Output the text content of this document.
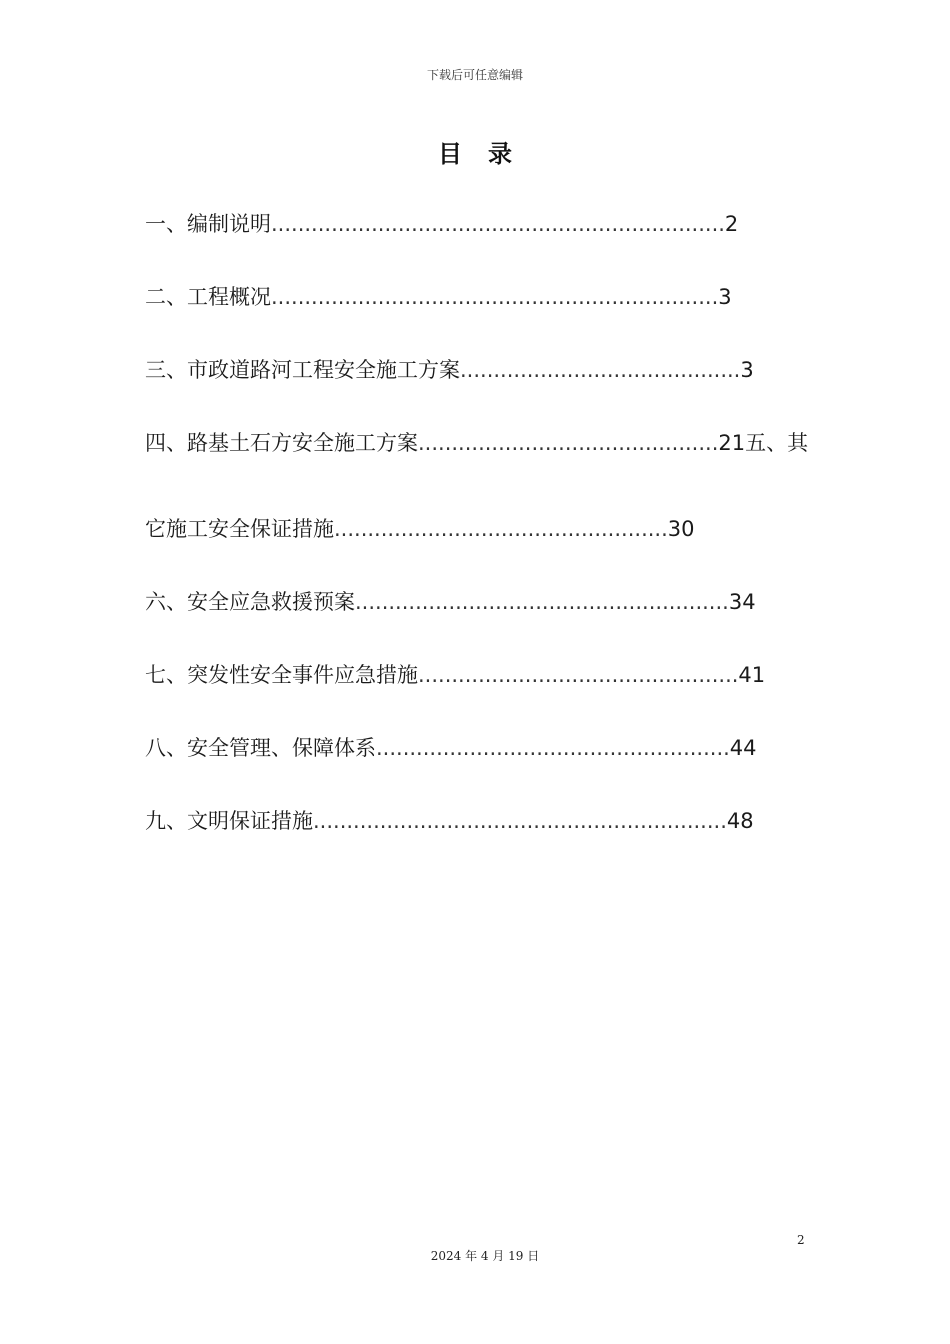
下载后可任意编辑
目录
一、编制说明....................................................................2
二、工程概况...................................................................3
三、市政道路河工程安全施工方案..........................................3
四、路基土石方安全施工方案.............................................21五、其
它施工安全保证措施..................................................30
六、安全应急救援预案........................................................34
七、突发性安全事件应急措施................................................41
八、安全管理、保障体系.....................................................44
九、文明保证措施..............................................................48
2
2024 年 4 月 19 日
